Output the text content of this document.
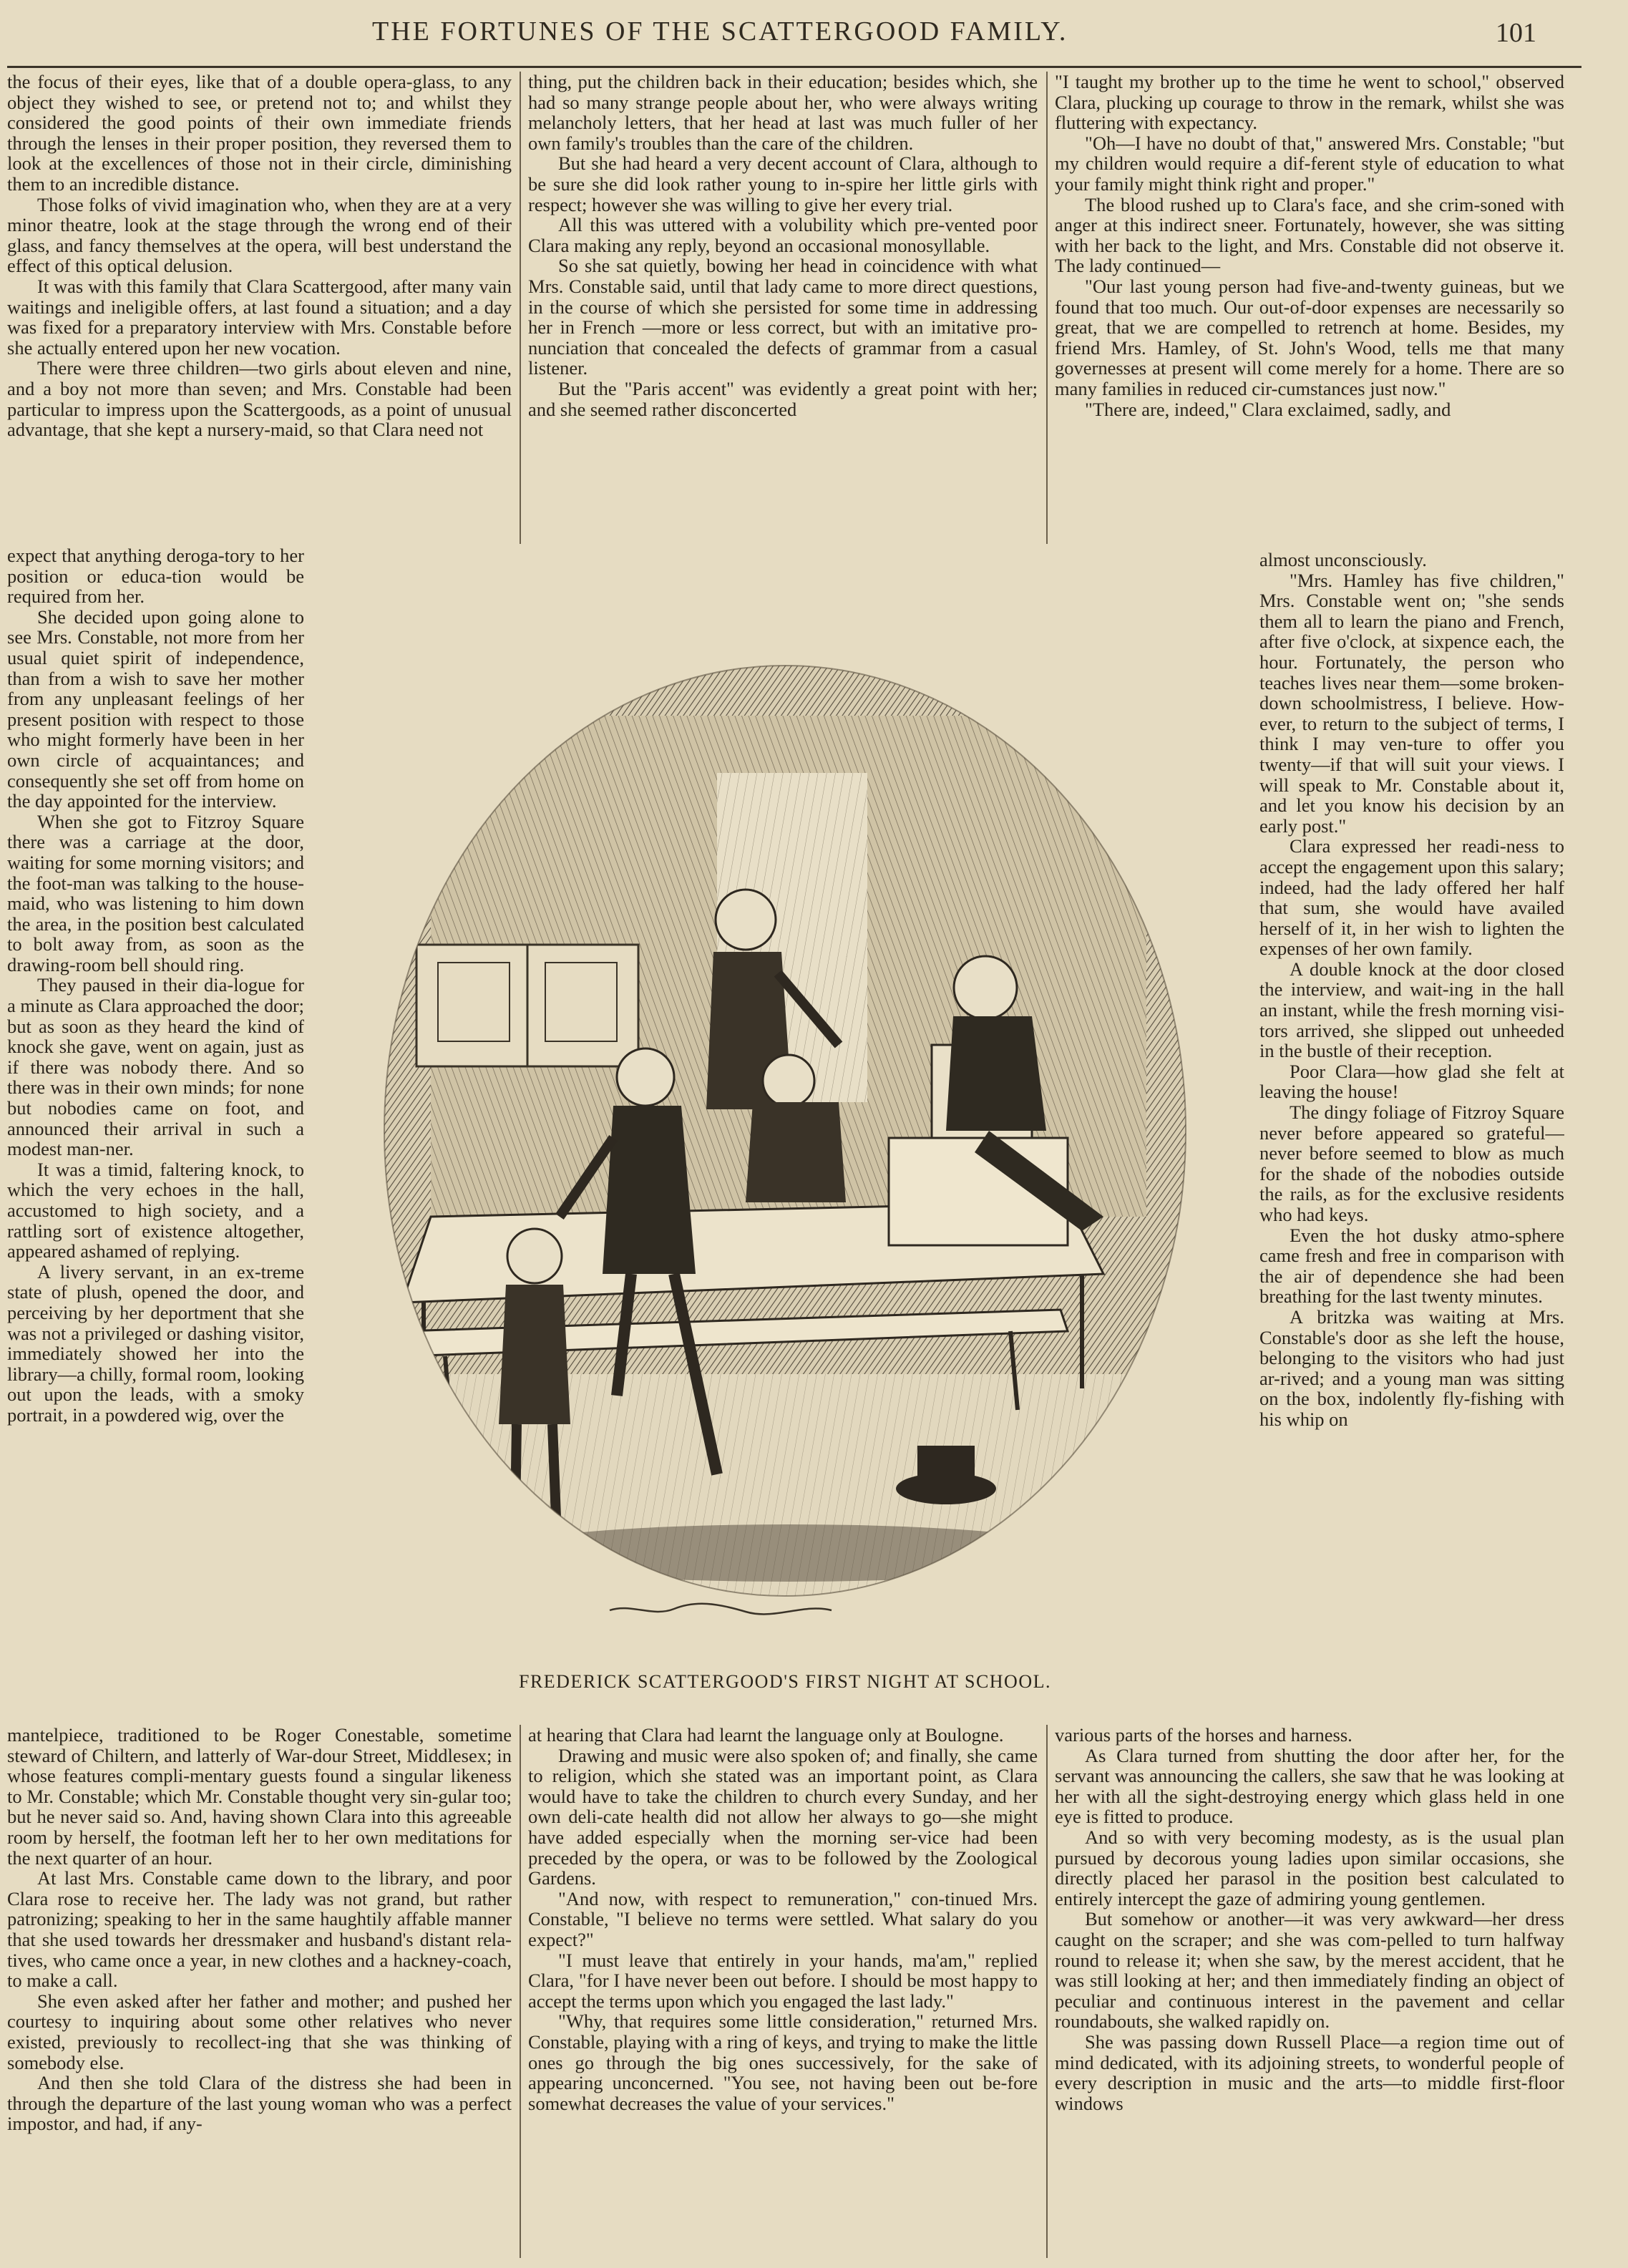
THE FORTUNES OF THE SCATTERGOOD FAMILY.	101

the focus of their eyes, like that of a double opera-glass, to any object they wished to see, or pretend not to; and whilst they considered the good points of their own immediate friends through the lenses in their proper position, they reversed them to look at the excellences of those not in their circle, diminishing them to an incredible distance.

Those folks of vivid imagination who, when they are at a very minor theatre, look at the stage through the wrong end of their glass, and fancy themselves at the opera, will best understand the effect of this optical delusion.

It was with this family that Clara Scattergood, after many vain waitings and ineligible offers, at last found a situation; and a day was fixed for a preparatory interview with Mrs. Constable before she actually entered upon her new vocation.

There were three children—two girls about eleven and nine, and a boy not more than seven; and Mrs. Constable had been particular to impress upon the Scattergoods, as a point of unusual advantage, that she kept a nursery-maid, so that Clara need not

expect that anything deroga-tory to her position or educa-tion would be required from her.

She decided upon going alone to see Mrs. Constable, not more from her usual quiet spirit of independence, than from a wish to save her mother from any unpleasant feelings of her present position with respect to those who might formerly have been in her own circle of acquaintances; and consequently she set off from home on the day appointed for the interview.

When she got to Fitzroy Square there was a carriage at the door, waiting for some morning visitors; and the foot-man was talking to the house-maid, who was listening to him down the area, in the position best calculated to bolt away from, as soon as the drawing-room bell should ring.

They paused in their dia-logue for a minute as Clara approached the door; but as soon as they heard the kind of knock she gave, went on again, just as if there was nobody there. And so there was in their own minds; for none but nobodies came on foot, and announced their arrival in such a modest man-ner.

It was a timid, faltering knock, to which the very echoes in the hall, accustomed to high society, and a rattling sort of existence altogether, appeared ashamed of replying.

A livery servant, in an ex-treme state of plush, opened the door, and perceiving by her deportment that she was not a privileged or dashing visitor, immediately showed her into the library—a chilly, formal room, looking out upon the leads, with a smoky portrait, in a powdered wig, over the

mantelpiece, traditioned to be Roger Conestable, sometime steward of Chiltern, and latterly of War-dour Street, Middlesex; in whose features compli-mentary guests found a singular likeness to Mr. Constable; which Mr. Constable thought very sin-gular too; but he never said so. And, having shown Clara into this agreeable room by herself, the footman left her to her own meditations for the next quarter of an hour.

At last Mrs. Constable came down to the library, and poor Clara rose to receive her. The lady was not grand, but rather patronizing; speaking to her in the same haughtily affable manner that she used towards her dressmaker and husband's distant rela-tives, who came once a year, in new clothes and a hackney-coach, to make a call.

She even asked after her father and mother; and pushed her courtesy to inquiring about some other relatives who never existed, previously to recollect-ing that she was thinking of somebody else.

And then she told Clara of the distress she had been in through the departure of the last young woman who was a perfect impostor, and had, if any-

thing, put the children back in their education; besides which, she had so many strange people about her, who were always writing melancholy letters, that her head at last was much fuller of her own family's troubles than the care of the children.

But she had heard a very decent account of Clara, although to be sure she did look rather young to in-spire her little girls with respect; however she was willing to give her every trial.

All this was uttered with a volubility which pre-vented poor Clara making any reply, beyond an occasional monosyllable.

So she sat quietly, bowing her head in coincidence with what Mrs. Constable said, until that lady came to more direct questions, in the course of which she persisted for some time in addressing her in French —more or less correct, but with an imitative pro-nunciation that concealed the defects of grammar from a casual listener.

But the "Paris accent" was evidently a great point with her; and she seemed rather disconcerted

at hearing that Clara had learnt the language only at Boulogne.

Drawing and music were also spoken of; and finally, she came to religion, which she stated was an important point, as Clara would have to take the children to church every Sunday, and her own deli-cate health did not allow her always to go—she might have added especially when the morning ser-vice had been preceded by the opera, or was to be followed by the Zoological Gardens.

"And now, with respect to remuneration," con-tinued Mrs. Constable, "I believe no terms were settled. What salary do you expect?"

"I must leave that entirely in your hands, ma'am," replied Clara, "for I have never been out before. I should be most happy to accept the terms upon which you engaged the last lady."

"Why, that requires some little consideration," returned Mrs. Constable, playing with a ring of keys, and trying to make the little ones go through the big ones successively, for the sake of appearing unconcerned. "You see, not having been out be-fore somewhat decreases the value of your services."

"I taught my brother up to the time he went to school," observed Clara, plucking up courage to throw in the remark, whilst she was fluttering with expectancy.

"Oh—I have no doubt of that," answered Mrs. Constable; "but my children would require a dif-ferent style of education to what your family might think right and proper."

The blood rushed up to Clara's face, and she crim-soned with anger at this indirect sneer. Fortunately, however, she was sitting with her back to the light, and Mrs. Constable did not observe it. The lady continued—

"Our last young person had five-and-twenty guineas, but we found that too much. Our out-of-door expenses are necessarily so great, that we are compelled to retrench at home. Besides, my friend Mrs. Hamley, of St. John's Wood, tells me that many governesses at present will come merely for a home. There are so many families in reduced cir-cumstances just now."

"There are, indeed," Clara exclaimed, sadly, and

almost unconsciously.

"Mrs. Hamley has five children," Mrs. Constable went on; "she sends them all to learn the piano and French, after five o'clock, at sixpence each, the hour. Fortunately, the person who teaches lives near them—some broken-down schoolmistress, I believe. How-ever, to return to the subject of terms, I think I may ven-ture to offer you twenty—if that will suit your views. I will speak to Mr. Constable about it, and let you know his decision by an early post."

Clara expressed her readi-ness to accept the engagement upon this salary; indeed, had the lady offered her half that sum, she would have availed herself of it, in her wish to lighten the expenses of her own family.

A double knock at the door closed the interview, and wait-ing in the hall an instant, while the fresh morning visi-tors arrived, she slipped out unheeded in the bustle of their reception.

Poor Clara—how glad she felt at leaving the house!

The dingy foliage of Fitzroy Square never before appeared so grateful—never before seemed to blow as much for the shade of the nobodies outside the rails, as for the exclusive residents who had keys.

Even the hot dusky atmo-sphere came fresh and free in comparison with the air of dependence she had been breathing for the last twenty minutes.

A britzka was waiting at Mrs. Constable's door as she left the house, belonging to the visitors who had just ar-rived; and a young man was sitting on the box, indolently fly-fishing with his whip on

various parts of the horses and harness.

As Clara turned from shutting the door after her, for the servant was announcing the callers, she saw that he was looking at her with all the sight-destroying energy which glass held in one eye is fitted to produce.

And so with very becoming modesty, as is the usual plan pursued by decorous young ladies upon similar occasions, she directly placed her parasol in the position best calculated to entirely intercept the gaze of admiring young gentlemen.

But somehow or another—it was very awkward—her dress caught on the scraper; and she was com-pelled to turn halfway round to release it; when she saw, by the merest accident, that he was still looking at her; and then immediately finding an object of peculiar and continuous interest in the pavement and cellar roundabouts, she walked rapidly on.

She was passing down Russell Place—a region time out of mind dedicated, with its adjoining streets, to wonderful people of every description in music and the arts—to middle first-floor windows

FREDERICK SCATTERGOOD'S FIRST NIGHT AT SCHOOL.
